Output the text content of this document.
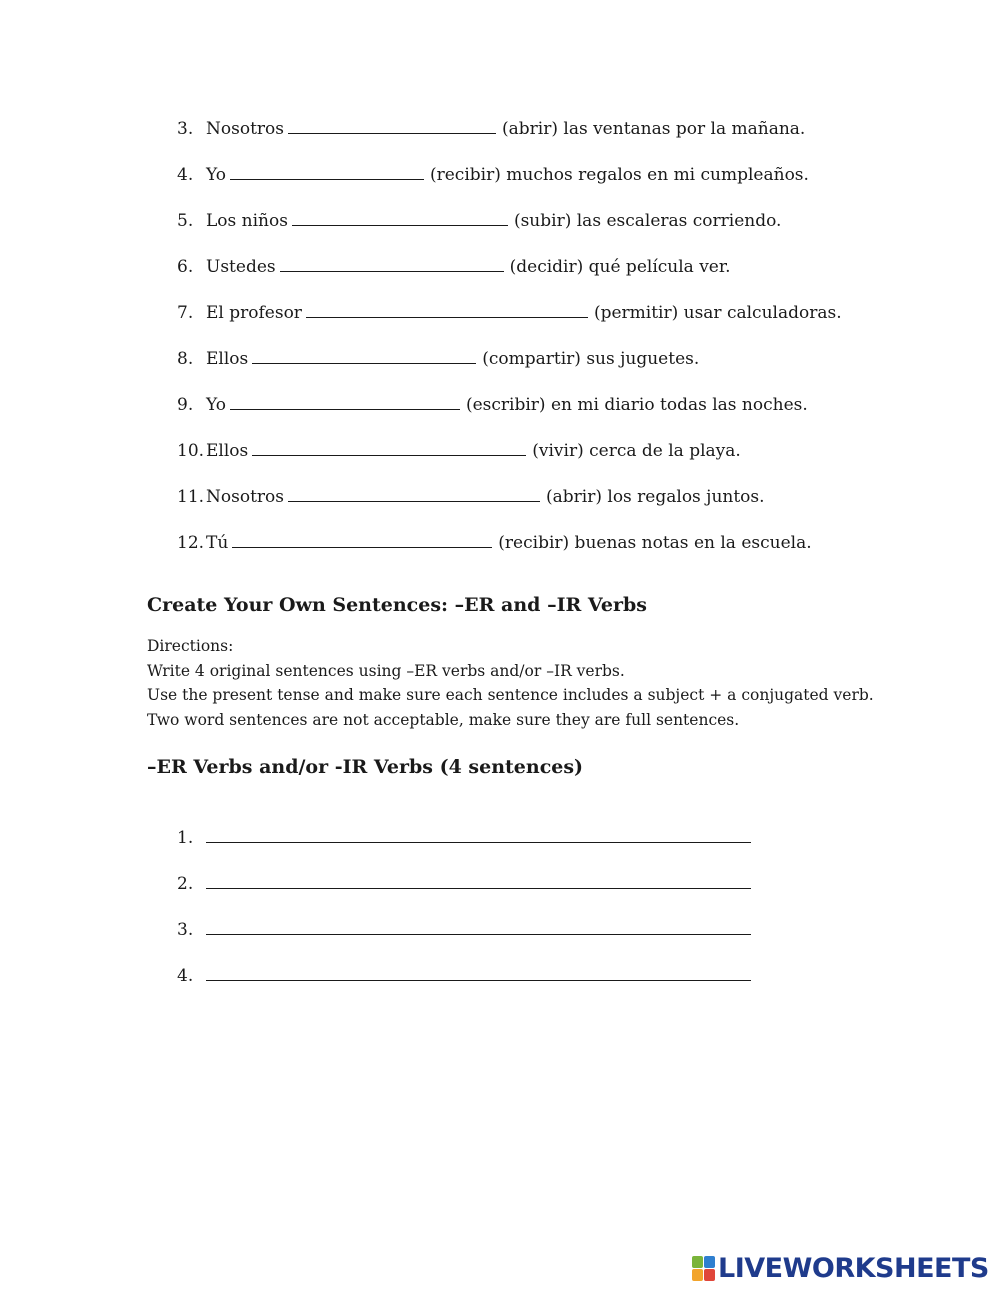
3. Nosotros	(abrir) las ventanas por la mañana.
4. Yo	(recibir) muchos regalos en mi cumpleaños.
5. Los niños	(subir) las escaleras corriendo.
6. Ustedes	(decidir) qué película ver.
7. El profesor	(permitir) usar calculadoras.
8. Ellos	(compartir) sus juguetes.
9. Yo	(escribir) en mi diario todas las noches.
10. Ellos	(vivir) cerca de la playa.
11. Nosotros	(abrir) los regalos juntos.
12. Tú	(recibir) buenas notas en la escuela.
Create Your Own Sentences: –ER and –IR Verbs
Directions:
Write 4 original sentences using –ER verbs and/or –IR verbs.
Use the present tense and make sure each sentence includes a subject + a conjugated verb.
Two word sentences are not acceptable, make sure they are full sentences.
–ER Verbs and/or -IR Verbs (4 sentences)
1.
2.
3.
4.
LIVEWORKSHEETS
